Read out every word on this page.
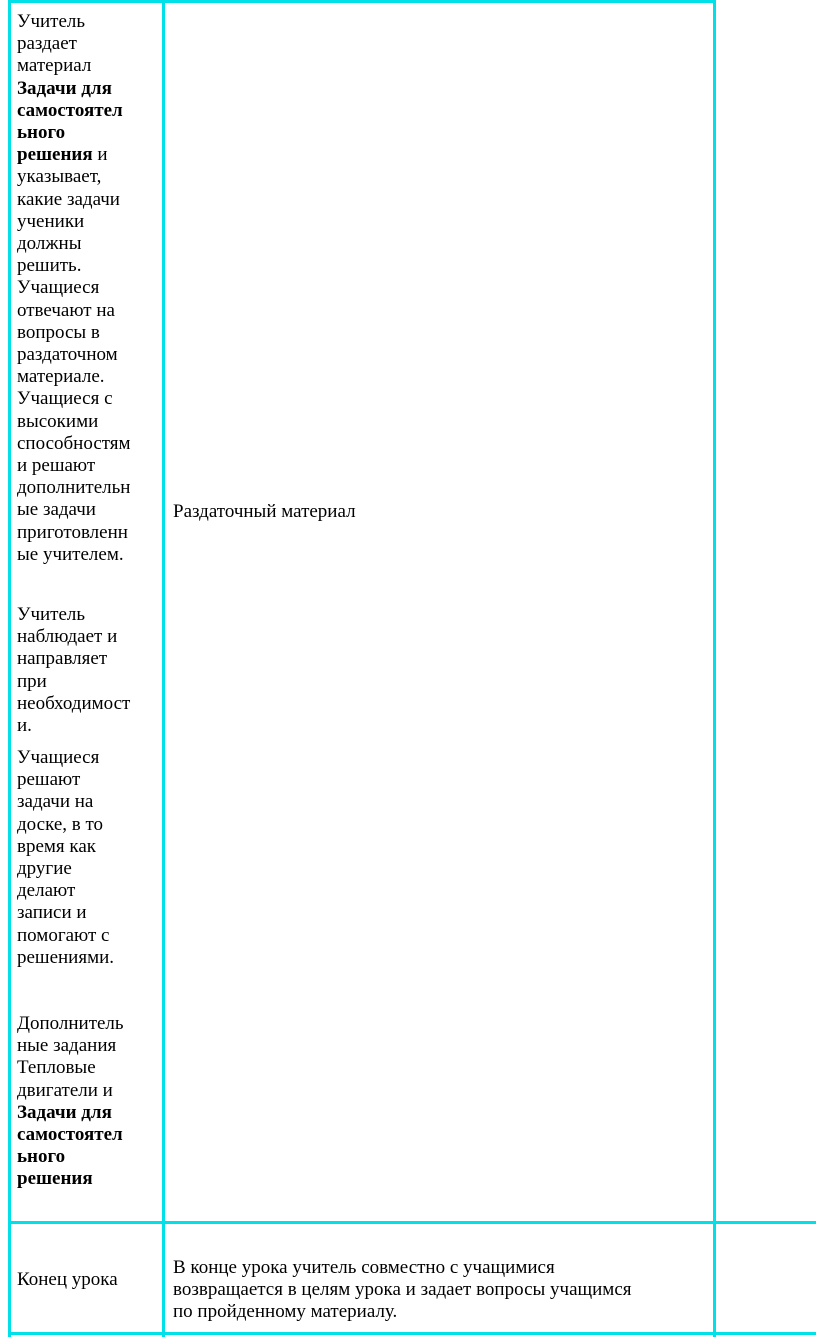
Учитель
раздает
материал
Задачи для
самостоятел
ьного
решения и
указывает,
какие задачи
ученики
должны
решить.
Учащиеся
отвечают на
вопросы в
раздаточном
материале.
Учащиеся с
высокими
способностям
и решают
дополнительн
ые задачи
приготовленн
ые учителем.

Учитель
наблюдает и
направляет
при
необходимост
и.

Учащиеся
решают
задачи на
доске, в то
время как
другие
делают
записи и
помогают с
решениями.

Дополнитель
ные задания
Тепловые
двигатели и
Задачи для
самостоятел
ьного
решения

Раздаточный материал

Конец урока

В конце урока учитель совместно с учащимися
возвращается в целям урока и задает вопросы учащимся
по пройденному материалу.
